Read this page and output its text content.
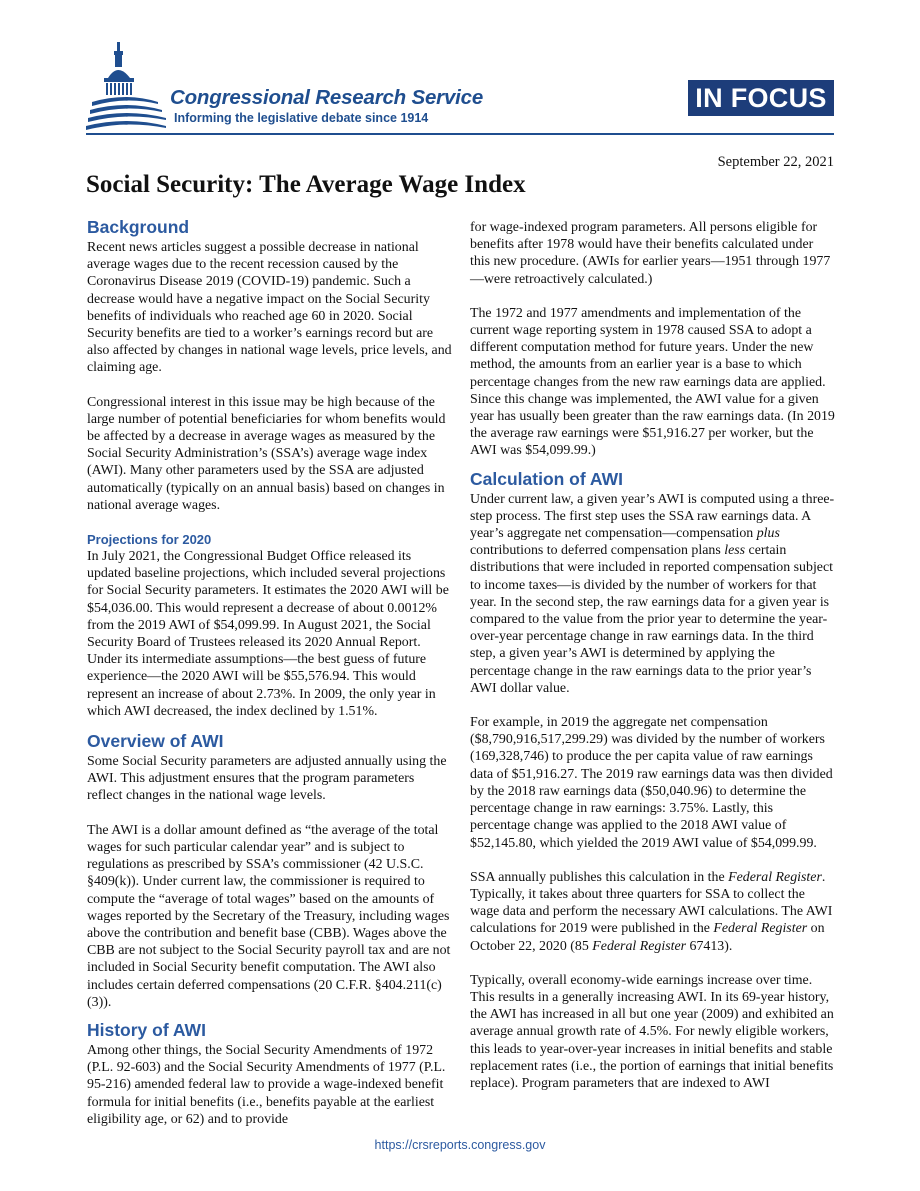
Congressional Research Service
Informing the legislative debate since 1914
IN FOCUS
September 22, 2021
Social Security: The Average Wage Index
Background

Recent news articles suggest a possible decrease in national average wages due to the recent recession caused by the Coronavirus Disease 2019 (COVID-19) pandemic. Such a decrease would have a negative impact on the Social Security benefits of individuals who reached age 60 in 2020. Social Security benefits are tied to a worker’s earnings record but are also affected by changes in national wage levels, price levels, and claiming age.

Congressional interest in this issue may be high because of the large number of potential beneficiaries for whom benefits would be affected by a decrease in average wages as measured by the Social Security Administration’s (SSA’s) average wage index (AWI). Many other parameters used by the SSA are adjusted automatically (typically on an annual basis) based on changes in national average wages.

Projections for 2020

In July 2021, the Congressional Budget Office released its updated baseline projections, which included several projections for Social Security parameters. It estimates the 2020 AWI will be $54,036.00. This would represent a decrease of about 0.0012% from the 2019 AWI of $54,099.99. In August 2021, the Social Security Board of Trustees released its 2020 Annual Report. Under its intermediate assumptions—the best guess of future experience—the 2020 AWI will be $55,576.94. This would represent an increase of about 2.73%. In 2009, the only year in which AWI decreased, the index declined by 1.51%.

Overview of AWI

Some Social Security parameters are adjusted annually using the AWI. This adjustment ensures that the program parameters reflect changes in the national wage levels.

The AWI is a dollar amount defined as “the average of the total wages for such particular calendar year” and is subject to regulations as prescribed by SSA’s commissioner (42 U.S.C. §409(k)). Under current law, the commissioner is required to compute the “average of total wages” based on the amounts of wages reported by the Secretary of the Treasury, including wages above the contribution and benefit base (CBB). Wages above the CBB are not subject to the Social Security payroll tax and are not included in Social Security benefit computation. The AWI also includes certain deferred compensations (20 C.F.R. §404.211(c)(3)).

History of AWI

Among other things, the Social Security Amendments of 1972 (P.L. 92-603) and the Social Security Amendments of 1977 (P.L. 95-216) amended federal law to provide a wage-indexed benefit formula for initial benefits (i.e., benefits payable at the earliest eligibility age, or 62) and to provide

for wage-indexed program parameters. All persons eligible for benefits after 1978 would have their benefits calculated under this new procedure. (AWIs for earlier years—1951 through 1977—were retroactively calculated.)

The 1972 and 1977 amendments and implementation of the current wage reporting system in 1978 caused SSA to adopt a different computation method for future years. Under the new method, the amounts from an earlier year is a base to which percentage changes from the new raw earnings data are applied. Since this change was implemented, the AWI value for a given year has usually been greater than the raw earnings data. (In 2019 the average raw earnings were $51,916.27 per worker, but the AWI was $54,099.99.)

Calculation of AWI

Under current law, a given year’s AWI is computed using a three-step process. The first step uses the SSA raw earnings data. A year’s aggregate net compensation—compensation plus contributions to deferred compensation plans less certain distributions that were included in reported compensation subject to income taxes—is divided by the number of workers for that year. In the second step, the raw earnings data for a given year is compared to the value from the prior year to determine the year-over-year percentage change in raw earnings data. In the third step, a given year’s AWI is determined by applying the percentage change in the raw earnings data to the prior year’s AWI dollar value.

For example, in 2019 the aggregate net compensation ($8,790,916,517,299.29) was divided by the number of workers (169,328,746) to produce the per capita value of raw earnings data of $51,916.27. The 2019 raw earnings data was then divided by the 2018 raw earnings data ($50,040.96) to determine the percentage change in raw earnings: 3.75%. Lastly, this percentage change was applied to the 2018 AWI value of $52,145.80, which yielded the 2019 AWI value of $54,099.99.

SSA annually publishes this calculation in the Federal Register. Typically, it takes about three quarters for SSA to collect the wage data and perform the necessary AWI calculations. The AWI calculations for 2019 were published in the Federal Register on October 22, 2020 (85 Federal Register 67413).

Typically, overall economy-wide earnings increase over time. This results in a generally increasing AWI. In its 69-year history, the AWI has increased in all but one year (2009) and exhibited an average annual growth rate of 4.5%. For newly eligible workers, this leads to year-over-year increases in initial benefits and stable replacement rates (i.e., the portion of earnings that initial benefits replace). Program parameters that are indexed to AWI

https://crsreports.congress.gov
